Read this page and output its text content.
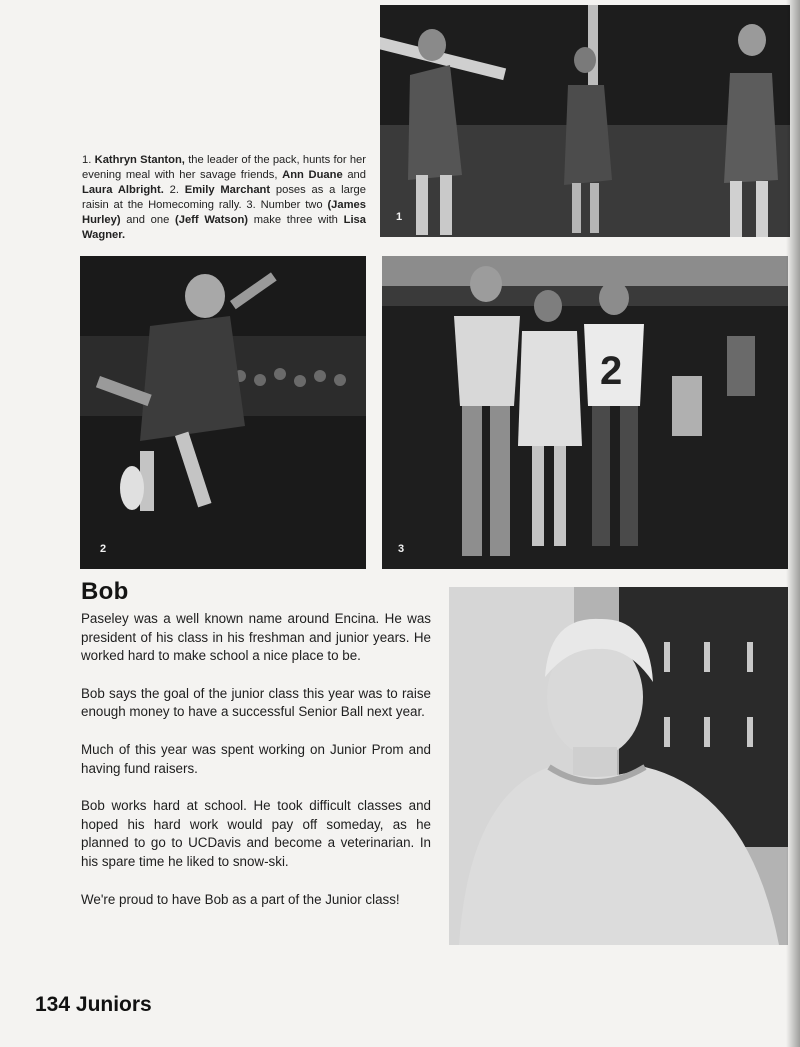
1
1. Kathryn Stanton, the leader of the pack, hunts for her evening meal with her savage friends, Ann Duane and Laura Albright. 2. Emily Marchant poses as a large raisin at the Homecoming rally. 3. Number two (James Hurley) and one (Jeff Watson) make three with Lisa Wagner.
2
2
3
Bob

Paseley was a well known name around Encina. He was president of his class in his freshman and junior years. He worked hard to make school a nice place to be.

Bob says the goal of the junior class this year was to raise enough money to have a successful Senior Ball next year.

Much of this year was spent working on Junior Prom and having fund raisers.

Bob works hard at school. He took difficult classes and hoped his hard work would pay off someday, as he planned to go to UCDavis and become a veterinarian. In his spare time he liked to snow-ski.

We're proud to have Bob as a part of the Junior class!

134 Juniors
